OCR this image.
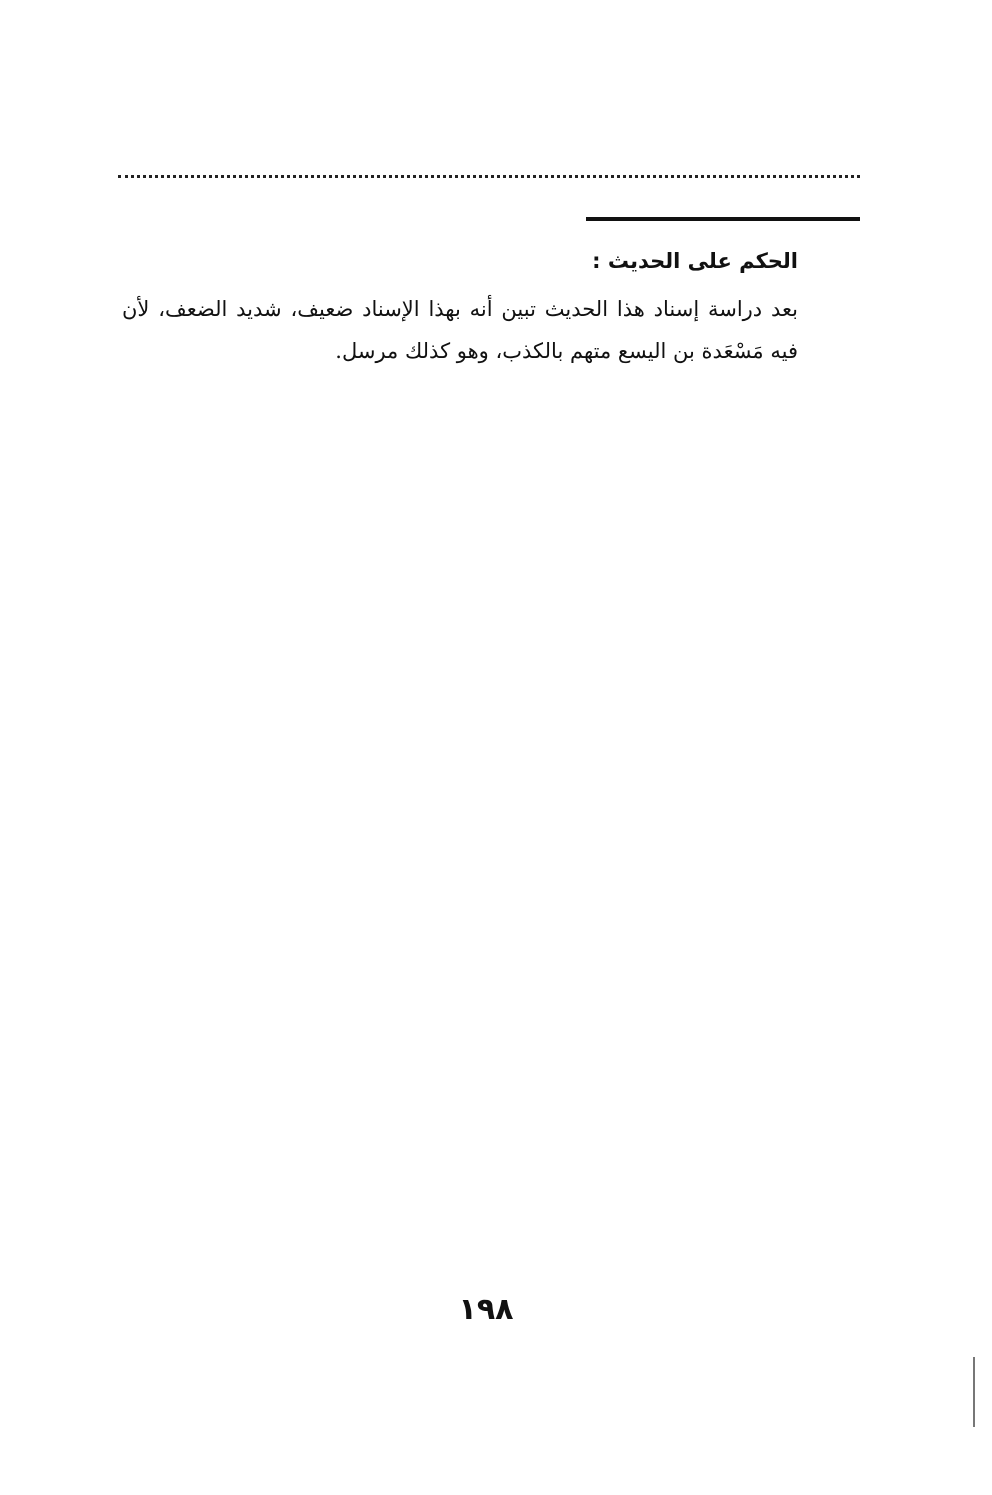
الحكم على الحديث :

بعد دراسة إسناد هذا الحديث تبين أنه بهذا الإسناد ضعيف، شديد الضعف، لأن فيه مَسْعَدة بن اليسع متهم بالكذب، وهو كذلك مرسل.

١٩٨
